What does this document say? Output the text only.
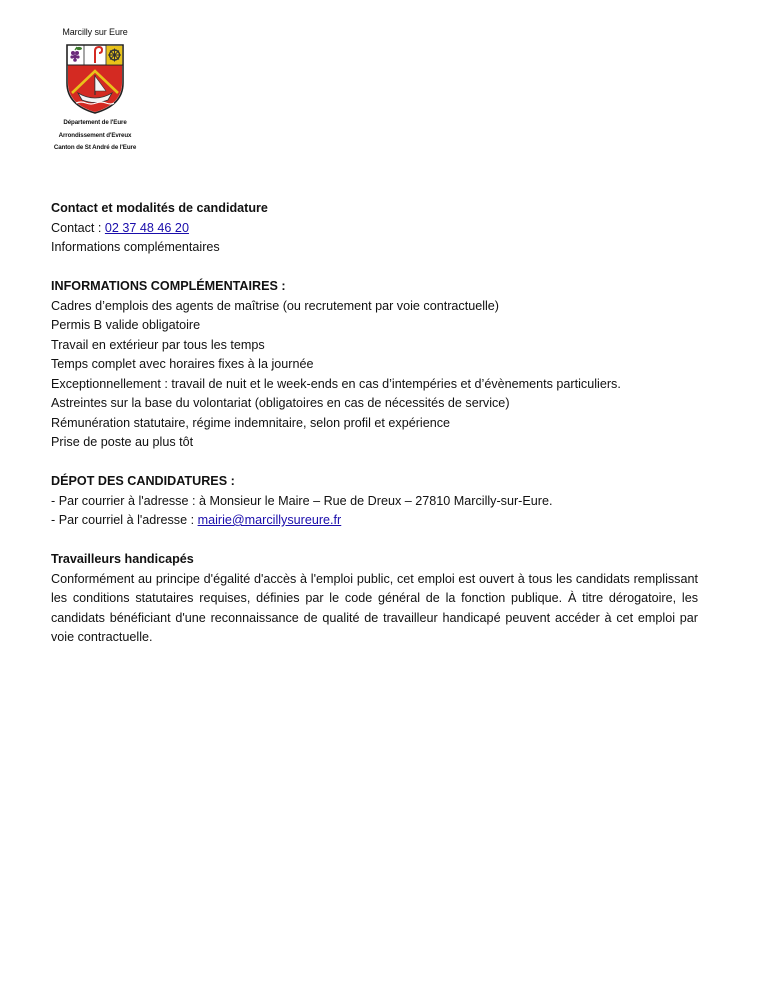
Marcilly sur Eure
Département de l'Eure
Arrondissement d'Evreux
Canton de St André de l'Eure

Contact et modalités de candidature

Contact : 02 37 48 46 20

Informations complémentaires

INFORMATIONS COMPLÉMENTAIRES :

Cadres d’emplois des agents de maîtrise (ou recrutement par voie contractuelle)

Permis B valide obligatoire

Travail en extérieur par tous les temps

Temps complet avec horaires fixes à la journée

Exceptionnellement : travail de nuit et le week-ends en cas d’intempéries et d’évènements particuliers.

Astreintes sur la base du volontariat (obligatoires en cas de nécessités de service)

Rémunération statutaire, régime indemnitaire, selon profil et expérience

Prise de poste au plus tôt

DÉPOT DES CANDIDATURES :

- Par courrier à l'adresse : à Monsieur le Maire – Rue de Dreux – 27810 Marcilly-sur-Eure.

- Par courriel à l'adresse : mairie@marcillysureure.fr

Travailleurs handicapés

Conformément au principe d'égalité d'accès à l'emploi public, cet emploi est ouvert à tous les candidats remplissant les conditions statutaires requises, définies par le code général de la fonction publique. À titre dérogatoire, les candidats bénéficiant d'une reconnaissance de qualité de travailleur handicapé peuvent accéder à cet emploi par voie contractuelle.
